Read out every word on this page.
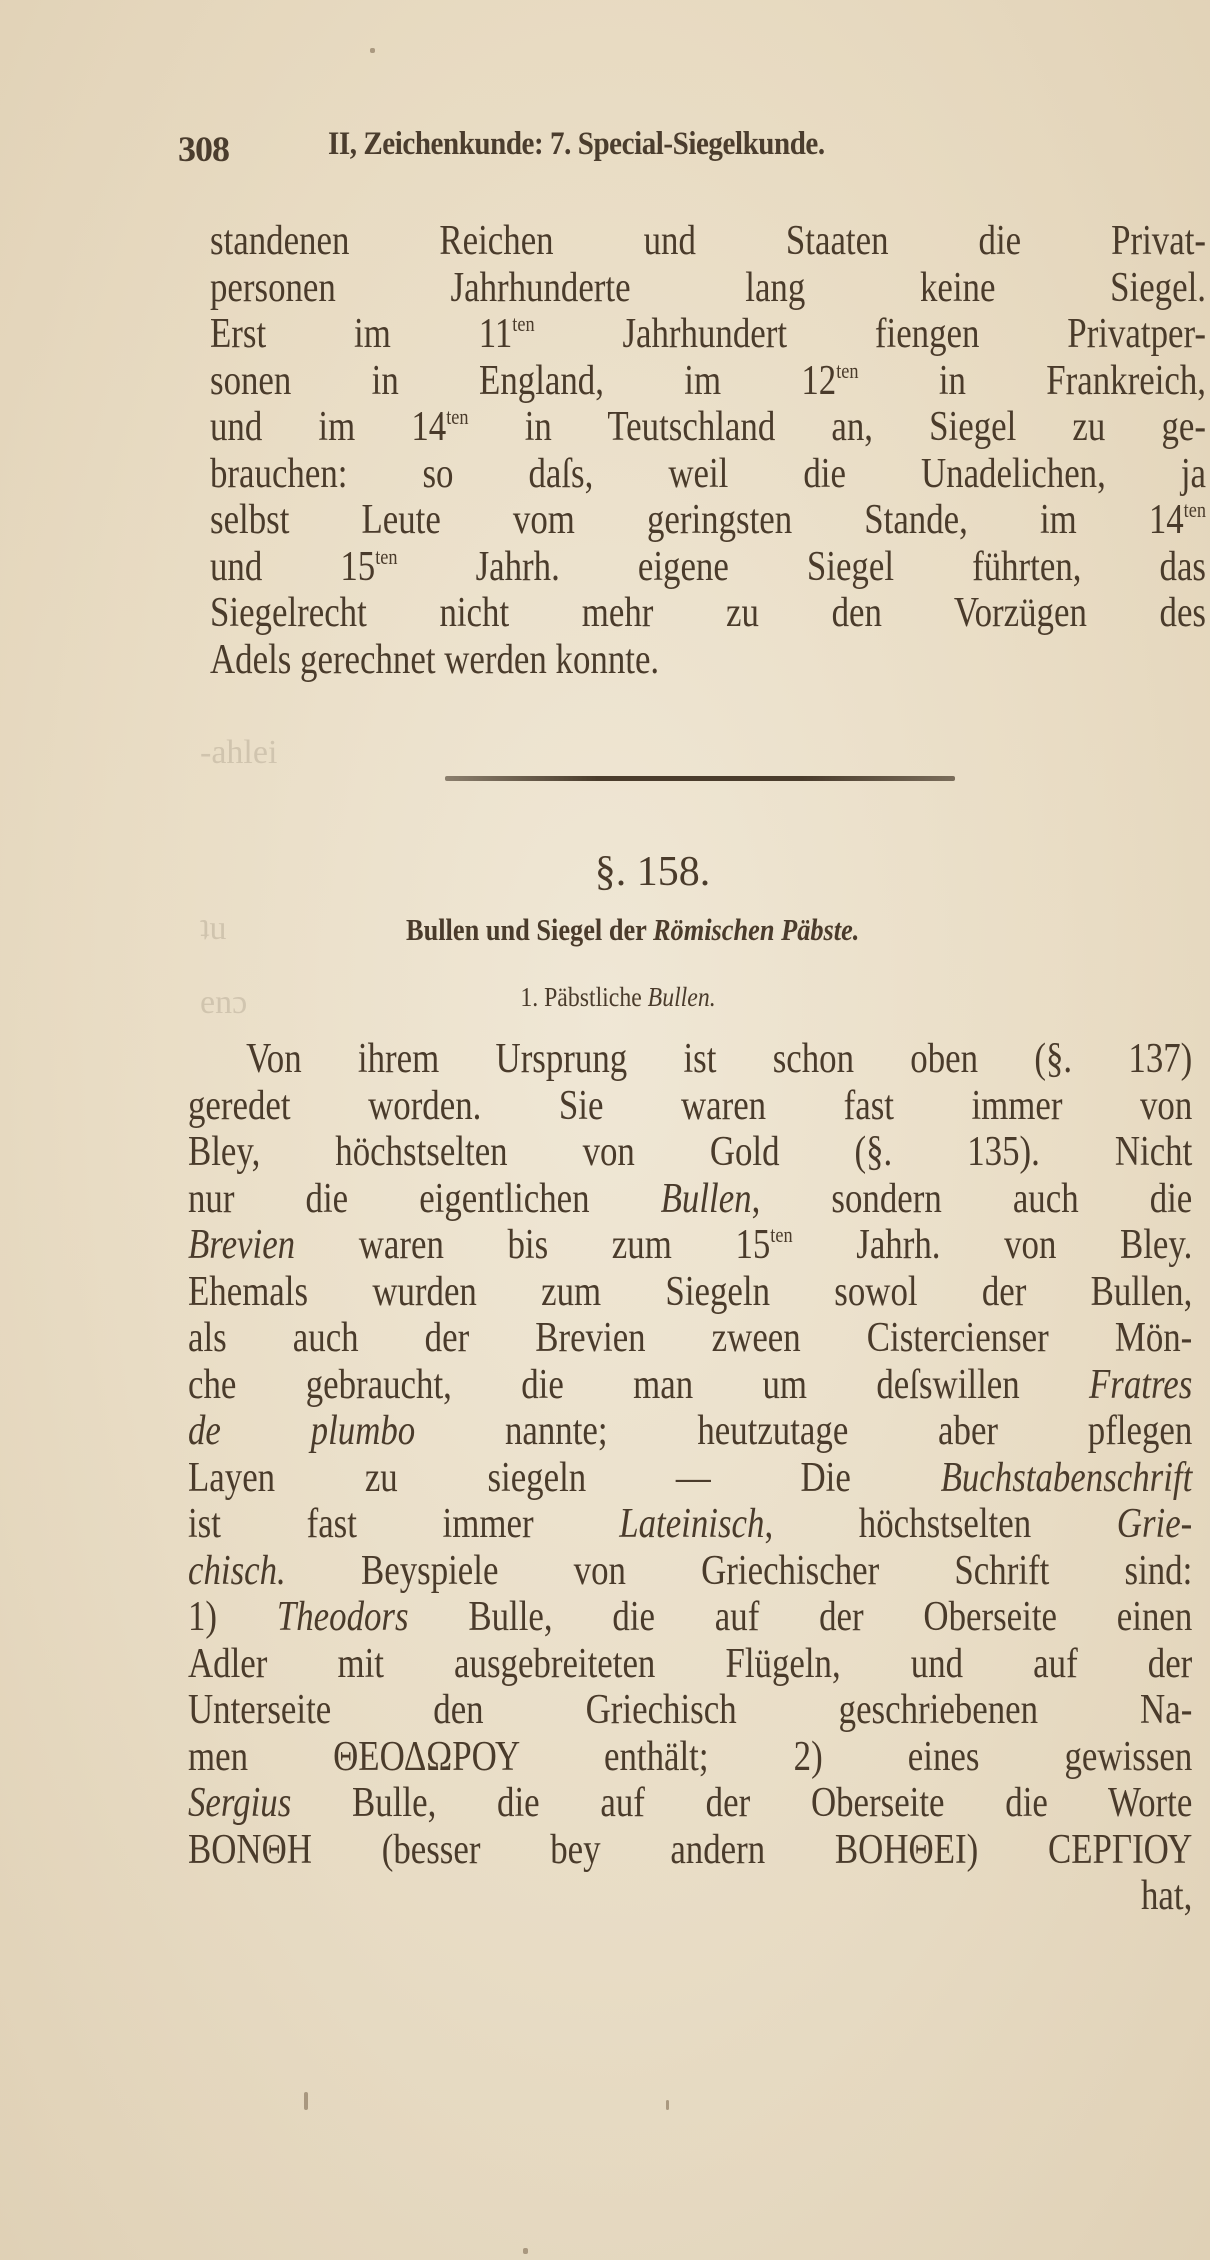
-ahlei
ʇu
enɔ
308	II, Zeichenkunde: 7. Special-Siegelkunde.
standenen Reichen und Staaten die Privat-
personen Jahrhunderte lang keine Siegel.
Erst im $11^{ten}$ Jahrhundert fiengen Privatper-
sonen in England, im $12^{ten}$ in Frankreich,
und im $14^{ten}$ in Teutschland an, Siegel zu ge-
brauchen: so daſs, weil die Unadelichen, ja
selbst Leute vom geringsten Stande, im $14^{ten}$
und $15^{ten}$ Jahrh. eigene Siegel führten, das
Siegelrecht nicht mehr zu den Vorzügen des
Adels gerechnet werden konnte.
§. 158.
Bullen und Siegel der Römischen Päbste.
1. Päbstliche Bullen.
Von ihrem Ursprung ist schon oben (§. 137)
geredet worden. Sie waren fast immer von
Bley, höchstselten von Gold (§. 135). Nicht
nur die eigentlichen Bullen, sondern auch die
Brevien waren bis zum $15^{ten}$ Jahrh. von Bley.
Ehemals wurden zum Siegeln sowol der Bullen,
als auch der Brevien zween Cistercienser Mön-
che gebraucht, die man um deſswillen Fratres
de plumbo nannte; heutzutage aber pflegen
Layen zu siegeln — Die Buchstabenschrift
ist fast immer Lateinisch, höchstselten Grie-
chisch. Beyspiele von Griechischer Schrift sind:
1) Theodors Bulle, die auf der Oberseite einen
Adler mit ausgebreiteten Flügeln, und auf der
Unterseite den Griechisch geschriebenen Na-
men ΘΕΟΔΩΡΟΥ enthält; 2) eines gewissen
Sergius Bulle, die auf der Oberseite die Worte
ΒΟΝΘΗ (besser bey andern ΒΟΗΘΕΙ) CΕΡΓΙΟΥ
hat,
